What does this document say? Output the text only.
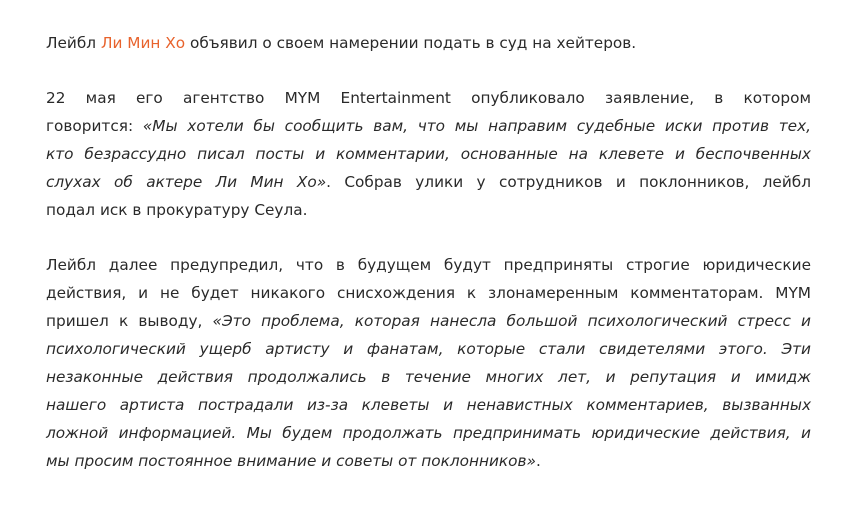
Лейбл Ли Мин Хо объявил о своем намерении подать в суд на хейтеров.

22 мая его агентство MYM Entertainment опубликовало заявление, в котором
говорится: «Мы хотели бы сообщить вам, что мы направим судебные иски против тех,
кто безрассудно писал посты и комментарии, основанные на клевете и беспочвенных
слухах об актере Ли Мин Хо». Собрав улики у сотрудников и поклонников, лейбл
подал иск в прокуратуру Сеула.

Лейбл далее предупредил, что в будущем будут предприняты строгие юридические
действия, и не будет никакого снисхождения к злонамеренным комментаторам. MYM
пришел к выводу, «Это проблема, которая нанесла большой психологический стресс и
психологический ущерб артисту и фанатам, которые стали свидетелями этого. Эти
незаконные действия продолжались в течение многих лет, и репутация и имидж
нашего артиста пострадали из-за клеветы и ненавистных комментариев, вызванных
ложной информацией. Мы будем продолжать предпринимать юридические действия, и
мы просим постоянное внимание и советы от поклонников».
